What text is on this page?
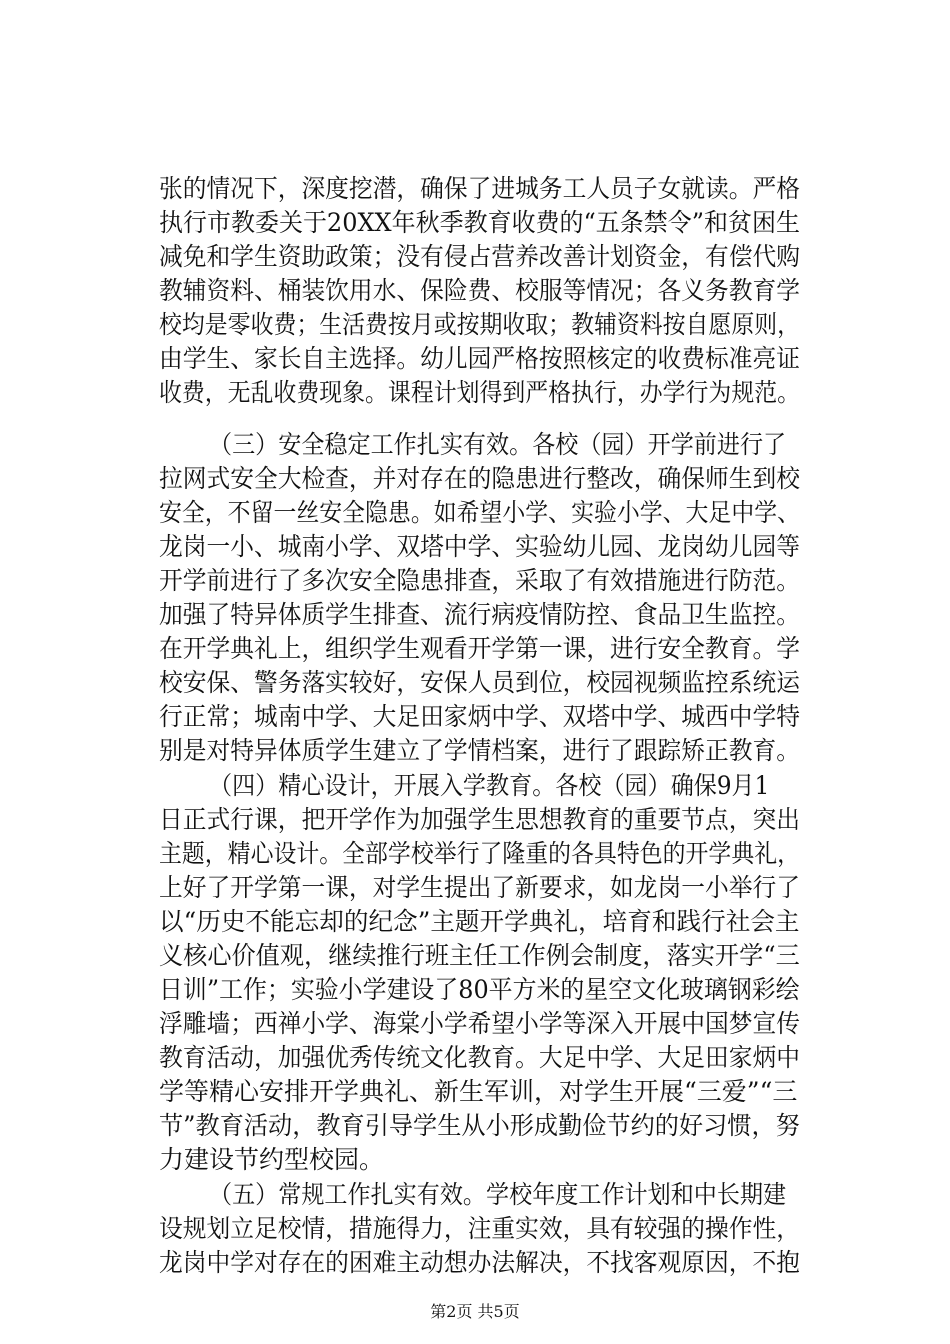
张的情况下，深度挖潜，确保了进城务工人员子女就读。严格
执行市教委关于20XX年秋季教育收费的“五条禁令”和贫困生
减免和学生资助政策；没有侵占营养改善计划资金，有偿代购
教辅资料、桶装饮用水、保险费、校服等情况；各义务教育学
校均是零收费；生活费按月或按期收取；教辅资料按自愿原则，
由学生、家长自主选择。幼儿园严格按照核定的收费标准亮证
收费，无乱收费现象。课程计划得到严格执行，办学行为规范。
（三）安全稳定工作扎实有效。各校（园）开学前进行了
拉网式安全大检查，并对存在的隐患进行整改，确保师生到校
安全，不留一丝安全隐患。如希望小学、实验小学、大足中学、
龙岗一小、城南小学、双塔中学、实验幼儿园、龙岗幼儿园等
开学前进行了多次安全隐患排查，采取了有效措施进行防范。
加强了特异体质学生排查、流行病疫情防控、食品卫生监控。
在开学典礼上，组织学生观看开学第一课，进行安全教育。学
校安保、警务落实较好，安保人员到位，校园视频监控系统运
行正常；城南中学、大足田家炳中学、双塔中学、城西中学特
别是对特异体质学生建立了学情档案，进行了跟踪矫正教育。
（四）精心设计，开展入学教育。各校（园）确保9月1
日正式行课，把开学作为加强学生思想教育的重要节点，突出
主题，精心设计。全部学校举行了隆重的各具特色的开学典礼，
上好了开学第一课，对学生提出了新要求，如龙岗一小举行了
以“历史不能忘却的纪念”主题开学典礼，培育和践行社会主
义核心价值观，继续推行班主任工作例会制度，落实开学“三
日训”工作；实验小学建设了80平方米的星空文化玻璃钢彩绘
浮雕墙；西禅小学、海棠小学希望小学等深入开展中国梦宣传
教育活动，加强优秀传统文化教育。大足中学、大足田家炳中
学等精心安排开学典礼、新生军训，对学生开展“三爱”“三
节”教育活动，教育引导学生从小形成勤俭节约的好习惯，努
力建设节约型校园。
（五）常规工作扎实有效。学校年度工作计划和中长期建
设规划立足校情，措施得力，注重实效，具有较强的操作性，
龙岗中学对存在的困难主动想办法解决，不找客观原因，不抱
第2页 共5页
